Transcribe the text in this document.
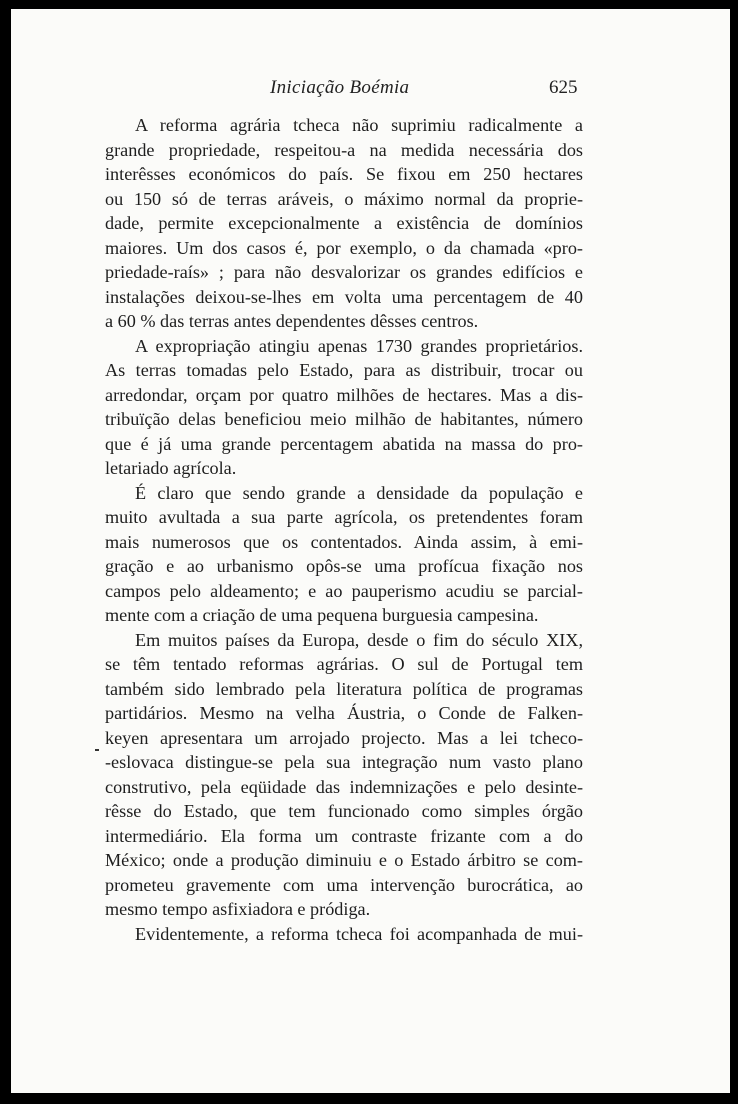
Iniciação Boémia	625
A reforma agrária tcheca não suprimiu radicalmente a
grande propriedade, respeitou-a na medida necessária dos
interêsses económicos do país. Se fixou em 250 hectares
ou 150 só de terras aráveis, o máximo normal da proprie-
dade, permite excepcionalmente a existência de domínios
maiores. Um dos casos é, por exemplo, o da chamada «pro-
priedade-raís» ; para não desvalorizar os grandes edifícios e
instalações deixou-se-lhes em volta uma percentagem de 40
a 60 % das terras antes dependentes dêsses centros.
A expropriação atingiu apenas 1730 grandes proprietários.
As terras tomadas pelo Estado, para as distribuir, trocar ou
arredondar, orçam por quatro milhões de hectares. Mas a dis-
tribuïção delas beneficiou meio milhão de habitantes, número
que é já uma grande percentagem abatida na massa do pro-
letariado agrícola.
É claro que sendo grande a densidade da população e
muito avultada a sua parte agrícola, os pretendentes foram
mais numerosos que os contentados. Ainda assim, à emi-
gração e ao urbanismo opôs-se uma profícua fixação nos
campos pelo aldeamento; e ao pauperismo acudiu se parcial-
mente com a criação de uma pequena burguesia campesina.
Em muitos países da Europa, desde o fim do século XIX,
se têm tentado reformas agrárias. O sul de Portugal tem
também sido lembrado pela literatura política de programas
partidários. Mesmo na velha Áustria, o Conde de Falken-
keyen apresentara um arrojado projecto. Mas a lei tcheco-
-eslovaca distingue-se pela sua integração num vasto plano
construtivo, pela eqüidade das indemnizações e pelo desinte-
rêsse do Estado, que tem funcionado como simples órgão
intermediário. Ela forma um contraste frizante com a do
México; onde a produção diminuiu e o Estado árbitro se com-
prometeu gravemente com uma intervenção burocrática, ao
mesmo tempo asfixiadora e pródiga.
Evidentemente, a reforma tcheca foi acompanhada de mui-
